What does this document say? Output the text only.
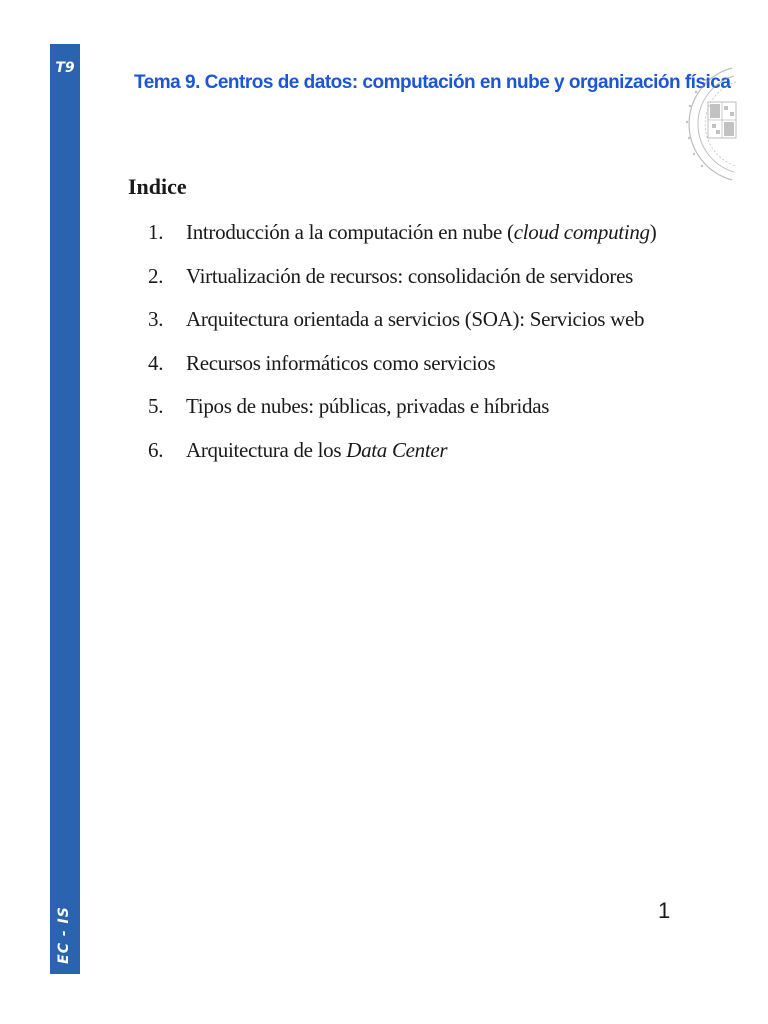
T9
EC - IS
Tema 9. Centros de datos: computación en nube y organización física
Indice
1. Introducción a la computación en nube (cloud computing)
2. Virtualización de recursos: consolidación de servidores
3. Arquitectura orientada a servicios (SOA): Servicios web
4. Recursos informáticos como servicios
5. Tipos de nubes: públicas, privadas e híbridas
6. Arquitectura de los Data Center
1
